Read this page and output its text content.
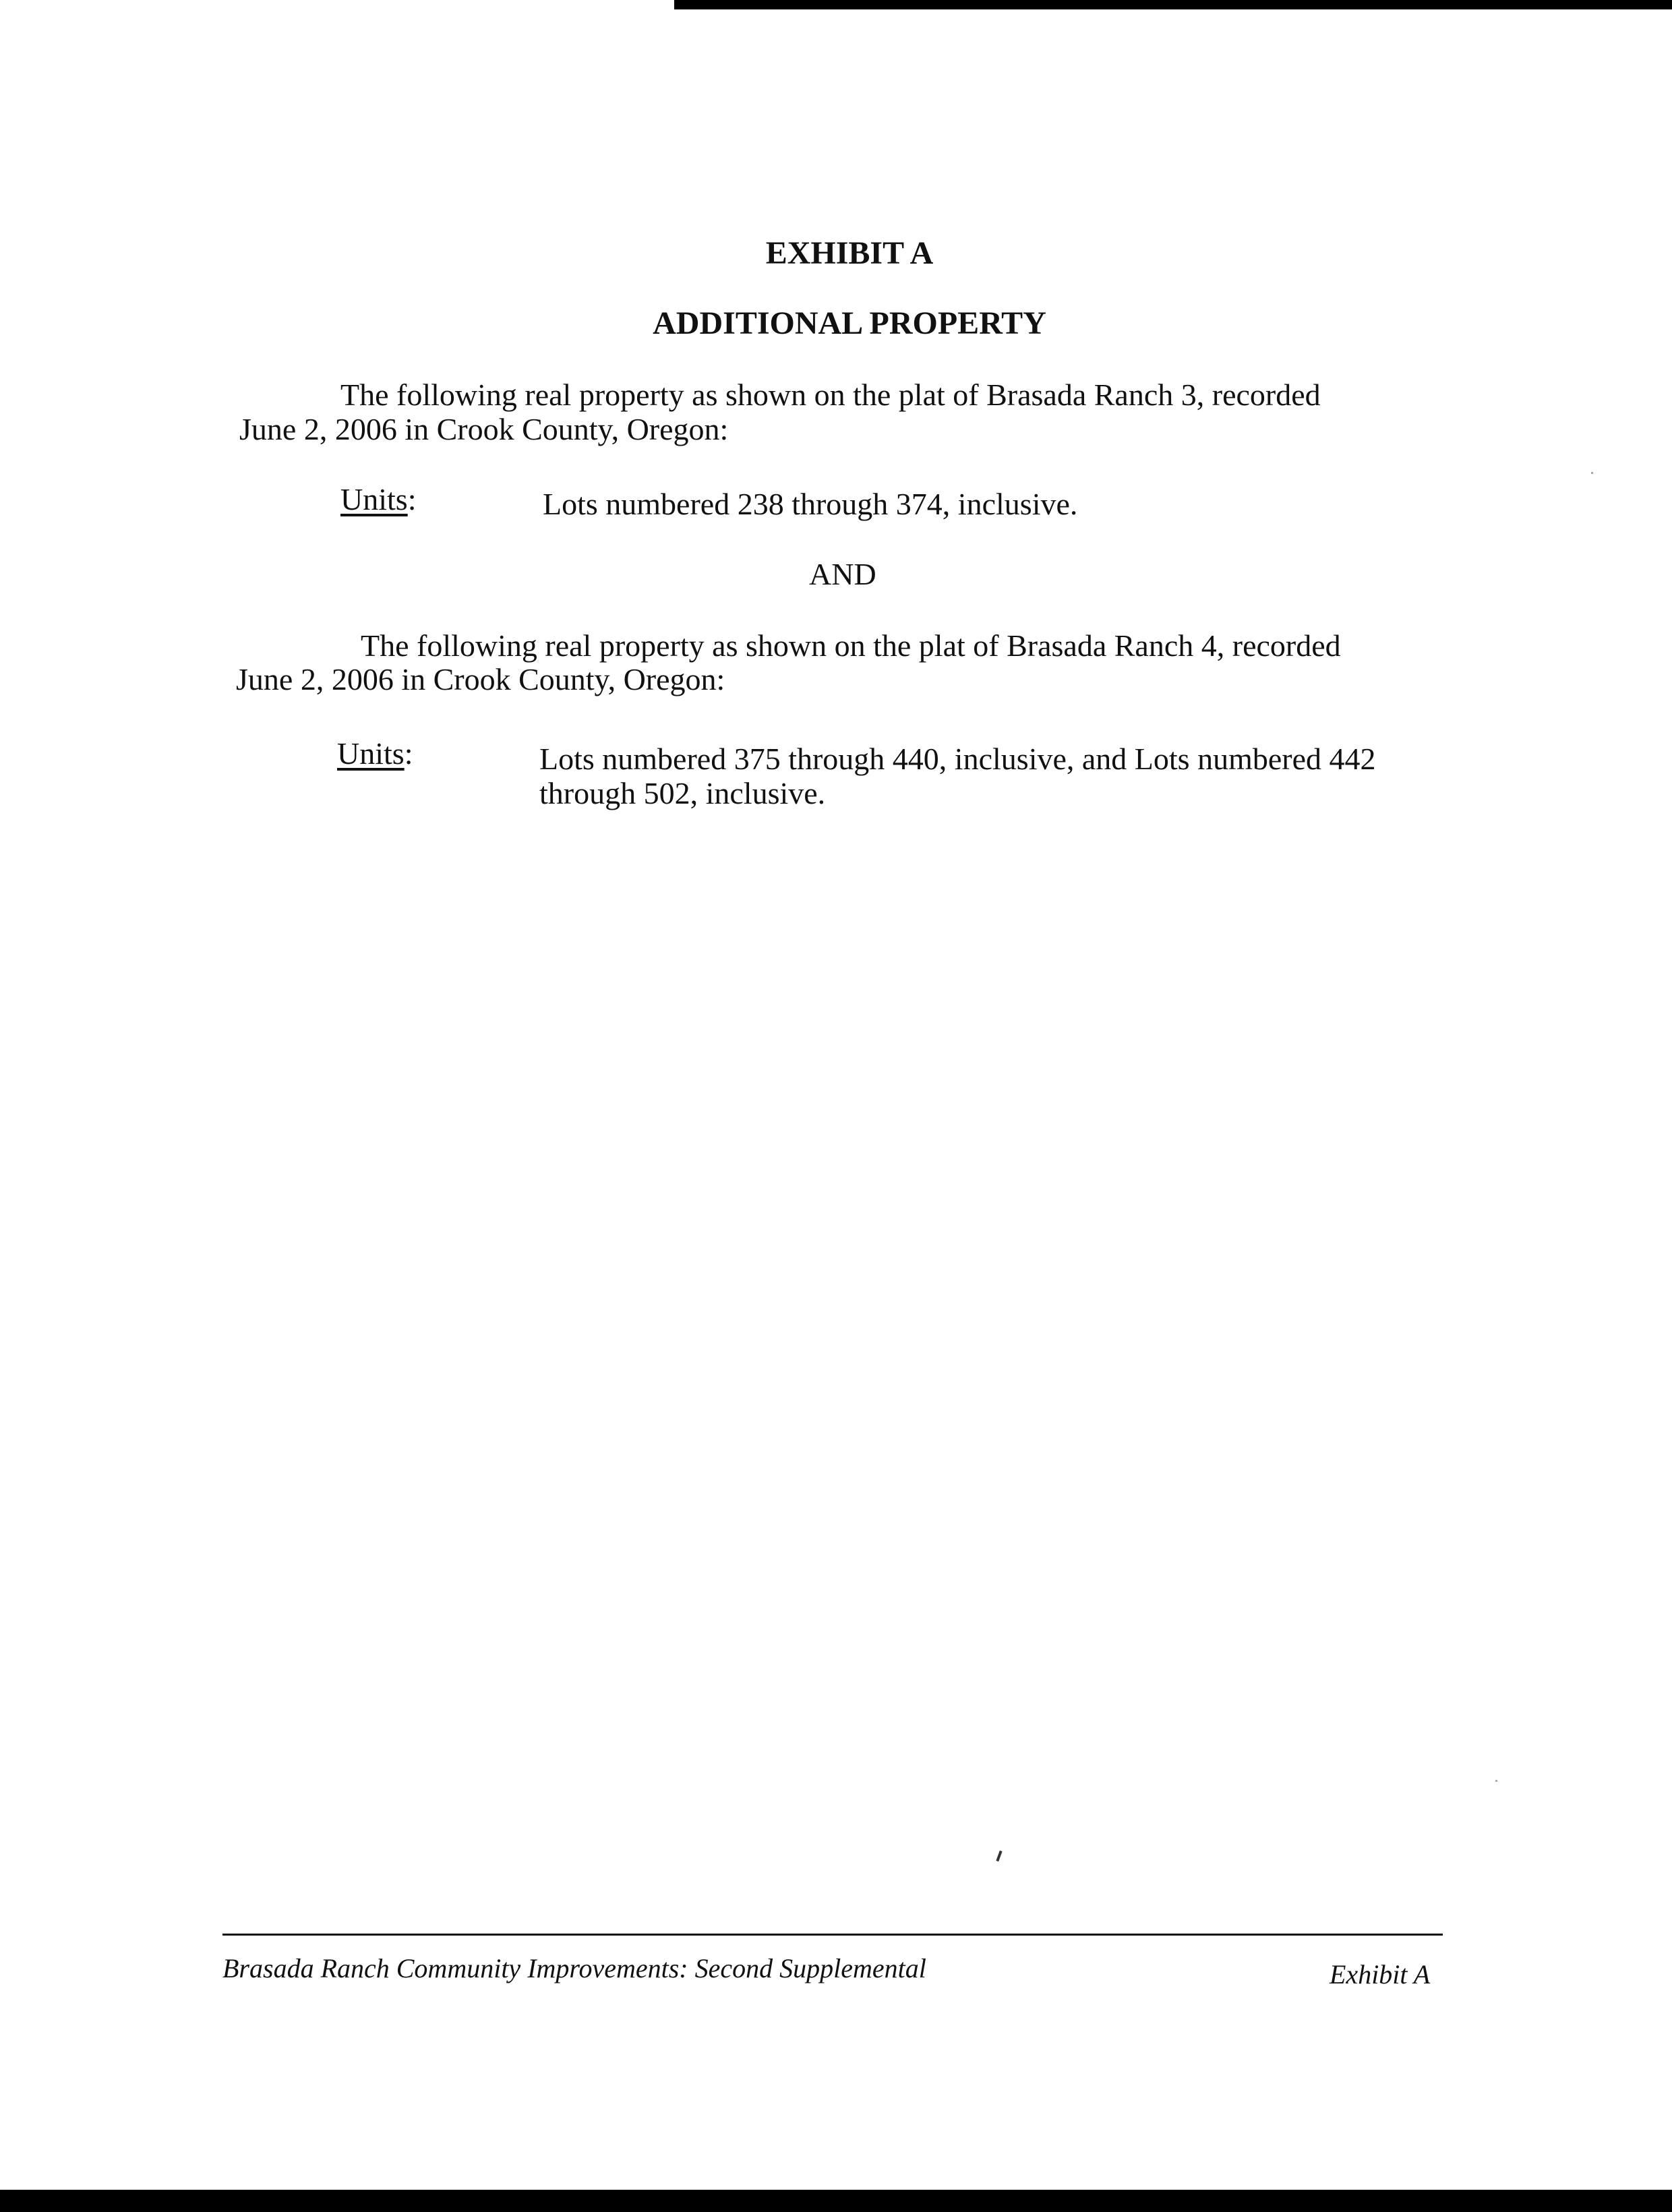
EXHIBIT A
ADDITIONAL PROPERTY
The following real property as shown on the plat of Brasada Ranch 3, recorded
June 2, 2006 in Crook County, Oregon:
Units:	Lots numbered 238 through 374, inclusive.
AND
The following real property as shown on the plat of Brasada Ranch 4, recorded
June 2, 2006 in Crook County, Oregon:
Units:	Lots numbered 375 through 440, inclusive, and Lots numbered 442
through 502, inclusive.
Brasada Ranch Community Improvements: Second Supplemental	Exhibit A
